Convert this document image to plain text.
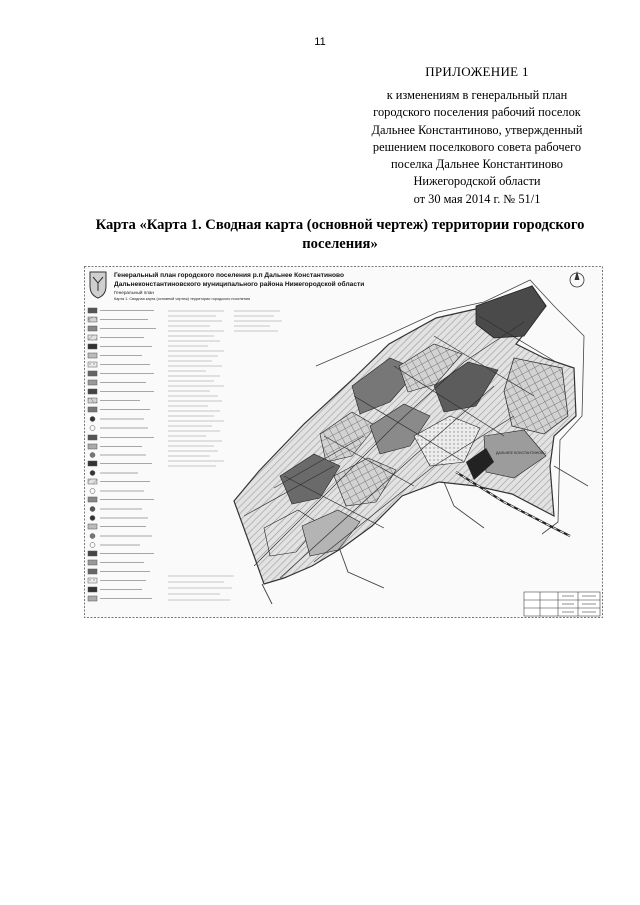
11
ПРИЛОЖЕНИЕ 1
к изменениям в генеральный план
городского поселения рабочий поселок
Дальнее Константиново, утвержденный
решением поселкового совета рабочего
поселка Дальнее Константиново
Нижегородской области
от 30 мая 2014 г. № 51/1
Карта «Карта 1. Сводная карта (основной чертеж) территории городского
поселения»
Генеральный план городского поселения р.п Дальнее Константиново
Дальнеконстантиновского муниципального района Нижегородской области
Генеральный план
Карта 1. Сводная карта (основной чертеж) территории городского поселения
ДАЛЬНЕЕ КОНСТАНТИНОВО
